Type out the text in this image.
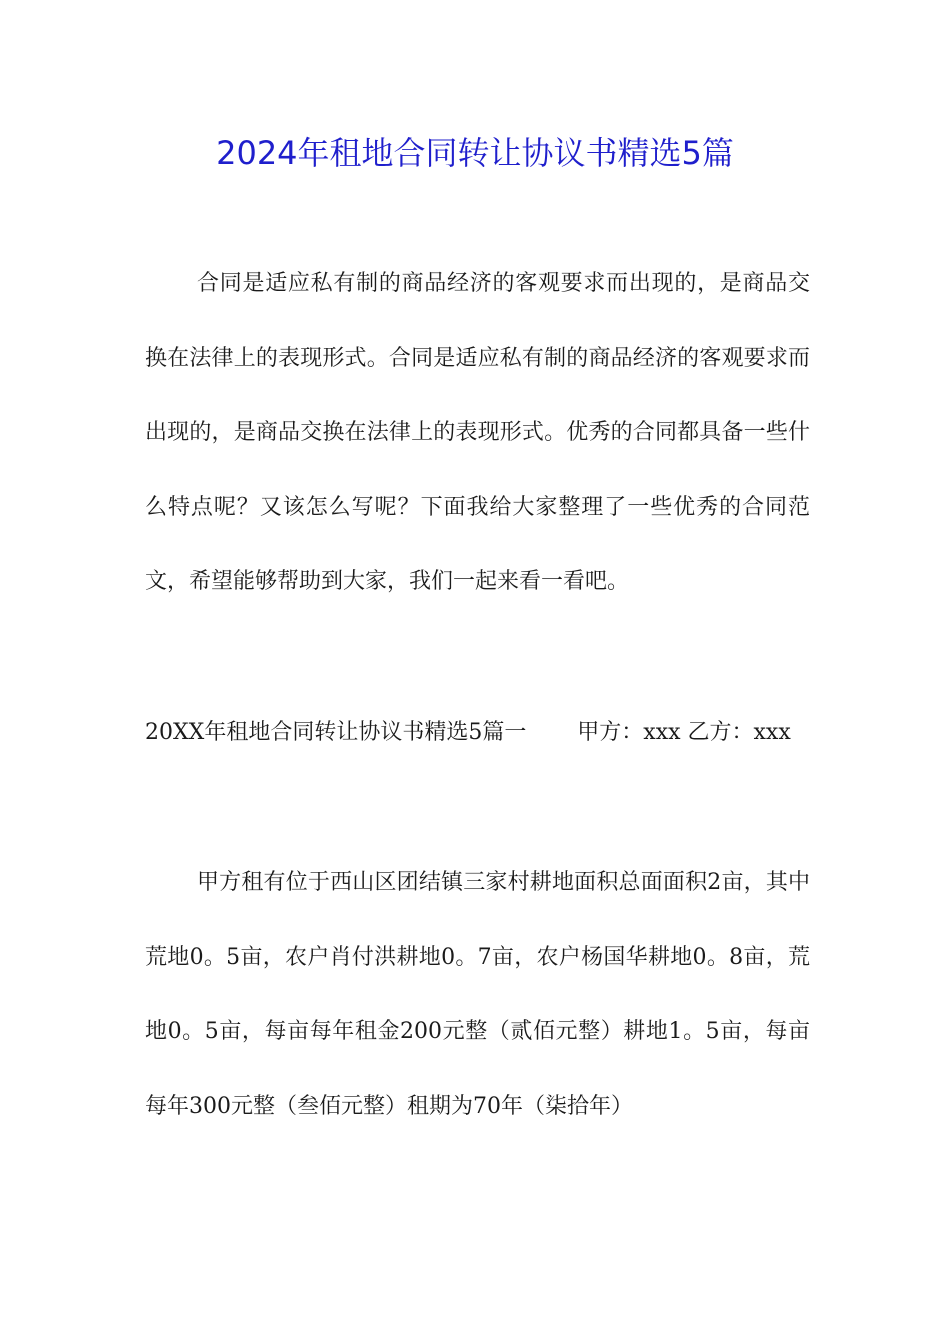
2024年租地合同转让协议书精选5篇

合同是适应私有制的商品经济的客观要求而出现的，是商品交换在法律上的表现形式。合同是适应私有制的商品经济的客观要求而出现的，是商品交换在法律上的表现形式。优秀的合同都具备一些什么特点呢？又该怎么写呢？下面我给大家整理了一些优秀的合同范文，希望能够帮助到大家，我们一起来看一看吧。

20XX年租地合同转让协议书精选5篇一　　 甲方：xxx 乙方：xxx

甲方租有位于西山区团结镇三家村耕地面积总面面积2亩，其中荒地0。5亩，农户肖付洪耕地0。7亩，农户杨国华耕地0。8亩，荒地0。5亩，每亩每年租金200元整（贰佰元整）耕地1。5亩，每亩每年300元整（叁佰元整）租期为70年（柒拾年）
